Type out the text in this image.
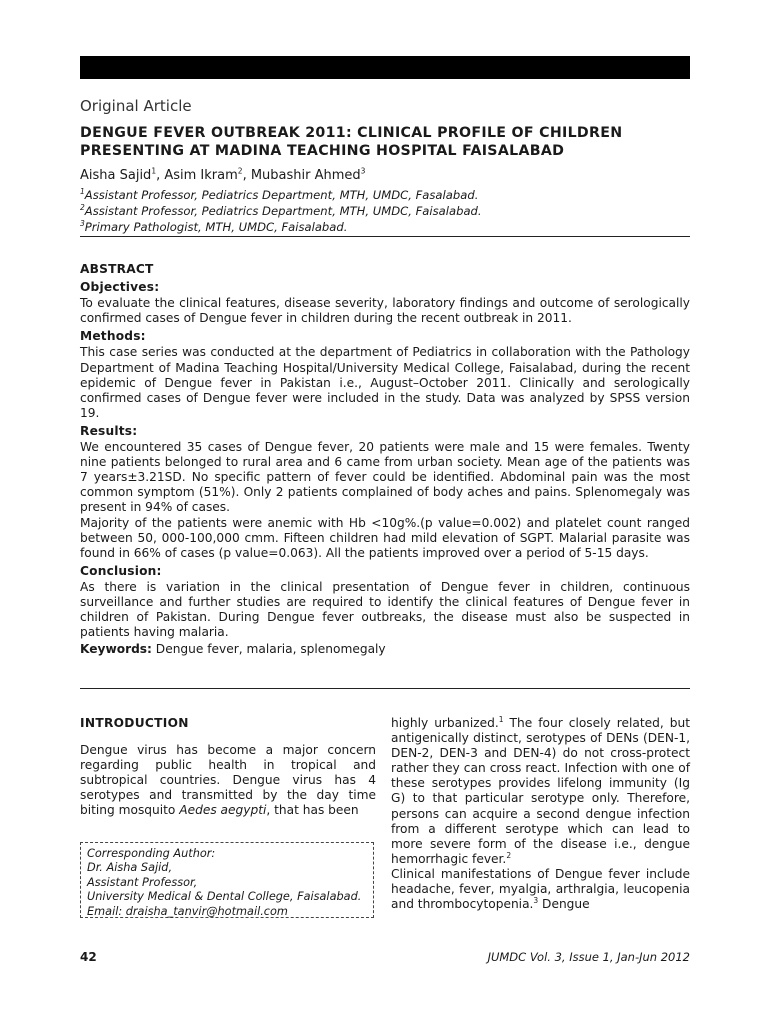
Original Article
DENGUE FEVER OUTBREAK 2011: CLINICAL PROFILE OF CHILDREN
PRESENTING AT MADINA TEACHING HOSPITAL FAISALABAD
Aisha Sajid$^1$, Asim Ikram$^2$, Mubashir Ahmed$^3$
$^1$Assistant Professor, Pediatrics Department, MTH, UMDC, Fasalabad.
$^2$Assistant Professor, Pediatrics Department, MTH, UMDC, Faisalabad.
$^3$Primary Pathologist, MTH, UMDC, Faisalabad.
ABSTRACT
Objectives:

To evaluate the clinical features, disease severity, laboratory findings and outcome of serologically confirmed cases of Dengue fever in children during the recent outbreak in 2011.

Methods:

This case series was conducted at the department of Pediatrics in collaboration with the Pathology Department of Madina Teaching Hospital/University Medical College, Faisalabad, during the recent epidemic of Dengue fever in Pakistan i.e., August–October 2011. Clinically and serologically confirmed cases of Dengue fever were included in the study. Data was analyzed by SPSS version 19.

Results:

We encountered 35 cases of Dengue fever, 20 patients were male and 15 were females. Twenty nine patients belonged to rural area and 6 came from urban society. Mean age of the patients was 7 years±3.21SD. No specific pattern of fever could be identified. Abdominal pain was the most common symptom (51%). Only 2 patients complained of body aches and pains. Splenomegaly was present in 94% of cases.

Majority of the patients were anemic with Hb <10g%.(p value=0.002) and platelet count ranged between 50, 000-100,000 cmm. Fifteen children had mild elevation of SGPT. Malarial parasite was found in 66% of cases (p value=0.063). All the patients improved over a period of 5-15 days.

Conclusion:

As there is variation in the clinical presentation of Dengue fever in children, continuous surveillance and further studies are required to identify the clinical features of Dengue fever in children of Pakistan. During Dengue fever outbreaks, the disease must also be suspected in patients having malaria.

Keywords: Dengue fever, malaria, splenomegaly

INTRODUCTION

Dengue virus has become a major concern regarding public health in tropical and subtropical countries. Dengue virus has 4 serotypes and transmitted by the day time biting mosquito Aedes aegypti, that has been

Corresponding Author:
Dr. Aisha Sajid,
Assistant Professor,
University Medical & Dental College, Faisalabad.
Email: draisha_tanvir@hotmail.com

highly urbanized.$^1$ The four closely related, but antigenically distinct, serotypes of DENs (DEN-1, DEN-2, DEN-3 and DEN-4) do not cross-protect rather they can cross react. Infection with one of these serotypes provides lifelong immunity (Ig G) to that particular serotype only. Therefore, persons can acquire a second dengue infection from a different serotype which can lead to more severe form of the disease i.e., dengue hemorrhagic fever.$^2$

Clinical manifestations of Dengue fever include headache, fever, myalgia, arthralgia, leucopenia and thrombocytopenia.$^3$ Dengue

42	JUMDC Vol. 3, Issue 1, Jan-Jun 2012
